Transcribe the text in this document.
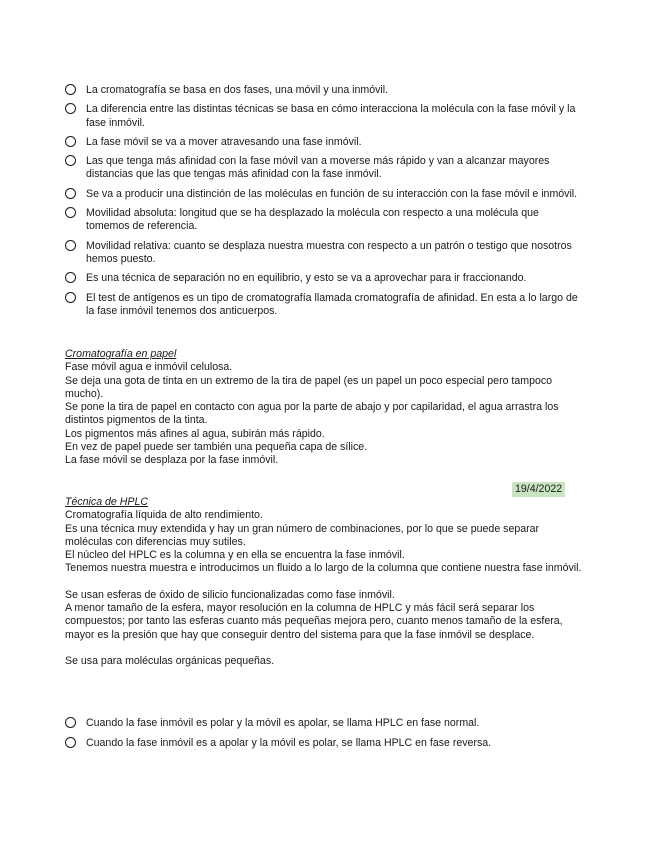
La cromatografía se basa en dos fases, una móvil y una inmóvil.
La diferencia entre las distintas técnicas se basa en cómo interacciona la molécula con la fase móvil y la fase inmóvil.
La fase móvil se va a mover atravesando una fase inmóvil.
Las que tenga más afinidad con la fase móvil van a moverse más rápido y van a alcanzar mayores distancias que las que tengas más afinidad con la fase inmóvil.
Se va a producir una distinción de las moléculas en función de su interacción con la fase móvil e inmóvil.
Movilidad absoluta: longitud que se ha desplazado la molécula con respecto a una molécula que tomemos de referencia.
Movilidad relativa: cuanto se desplaza nuestra muestra con respecto a un patrón o testigo que nosotros hemos puesto.
Es una técnica de separación no en equilibrio, y esto se va a aprovechar para ir fraccionando.
El test de antígenos es un tipo de cromatografía llamada cromatografía de afinidad. En esta a lo largo de la fase inmóvil tenemos dos anticuerpos.
Cromatografía en papel
Fase móvil agua e inmóvil celulosa.
Se deja una gota de tinta en un extremo de la tira de papel (es un papel un poco especial pero tampoco mucho).
Se pone la tira de papel en contacto con agua por la parte de abajo y por capilaridad, el agua arrastra los distintos pigmentos de la tinta.
Los pigmentos más afines al agua, subirán más rápido.
En vez de papel puede ser también una pequeña capa de sílice.
La fase móvil se desplaza por la fase inmóvil.
19/4/2022
Técnica de HPLC
Cromatografía líquida de alto rendimiento.
Es una técnica muy extendida y hay un gran número de combinaciones, por lo que se puede separar moléculas con diferencias muy sutiles.
El núcleo del HPLC es la columna y en ella se encuentra la fase inmóvil.
Tenemos nuestra muestra e introducimos un fluido a lo largo de la columna que contiene nuestra fase inmóvil.
Se usan esferas de óxido de silicio funcionalizadas como fase inmóvil.
A menor tamaño de la esfera, mayor resolución en la columna de HPLC y más fácil será separar los compuestos; por tanto las esferas cuanto más pequeñas mejora pero, cuanto menos tamaño de la esfera, mayor es la presión que hay que conseguir dentro del sistema para que la fase inmóvil se desplace.
Se usa para moléculas orgánicas pequeñas.
Cuando la fase inmóvil es polar y la móvil es apolar, se llama HPLC en fase normal.
Cuando la fase inmóvil es a apolar y la móvil es polar, se llama HPLC en fase reversa.
